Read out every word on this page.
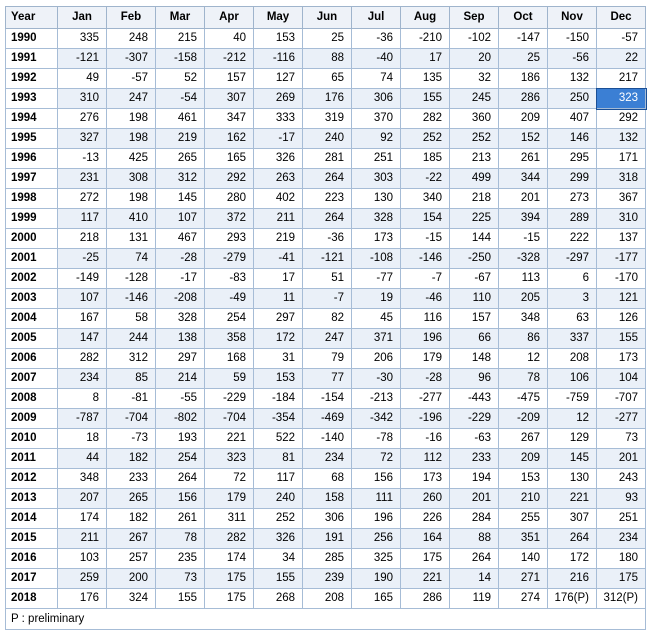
Year	Jan	Feb	Mar	Apr	May	Jun	Jul	Aug	Sep	Oct	Nov	Dec
1990	335	248	215	40	153	25	-36	-210	-102	-147	-150	-57
1991	-121	-307	-158	-212	-116	88	-40	17	20	25	-56	22
1992	49	-57	52	157	127	65	74	135	32	186	132	217
1993	310	247	-54	307	269	176	306	155	245	286	250	323
1994	276	198	461	347	333	319	370	282	360	209	407	292
1995	327	198	219	162	-17	240	92	252	252	152	146	132
1996	-13	425	265	165	326	281	251	185	213	261	295	171
1997	231	308	312	292	263	264	303	-22	499	344	299	318
1998	272	198	145	280	402	223	130	340	218	201	273	367
1999	117	410	107	372	211	264	328	154	225	394	289	310
2000	218	131	467	293	219	-36	173	-15	144	-15	222	137
2001	-25	74	-28	-279	-41	-121	-108	-146	-250	-328	-297	-177
2002	-149	-128	-17	-83	17	51	-77	-7	-67	113	6	-170
2003	107	-146	-208	-49	11	-7	19	-46	110	205	3	121
2004	167	58	328	254	297	82	45	116	157	348	63	126
2005	147	244	138	358	172	247	371	196	66	86	337	155
2006	282	312	297	168	31	79	206	179	148	12	208	173
2007	234	85	214	59	153	77	-30	-28	96	78	106	104
2008	8	-81	-55	-229	-184	-154	-213	-277	-443	-475	-759	-707
2009	-787	-704	-802	-704	-354	-469	-342	-196	-229	-209	12	-277
2010	18	-73	193	221	522	-140	-78	-16	-63	267	129	73
2011	44	182	254	323	81	234	72	112	233	209	145	201
2012	348	233	264	72	117	68	156	173	194	153	130	243
2013	207	265	156	179	240	158	111	260	201	210	221	93
2014	174	182	261	311	252	306	196	226	284	255	307	251
2015	211	267	78	282	326	191	256	164	88	351	264	234
2016	103	257	235	174	34	285	325	175	264	140	172	180
2017	259	200	73	175	155	239	190	221	14	271	216	175
2018	176	324	155	175	268	208	165	286	119	274	176(P)	312(P)
P : preliminary
